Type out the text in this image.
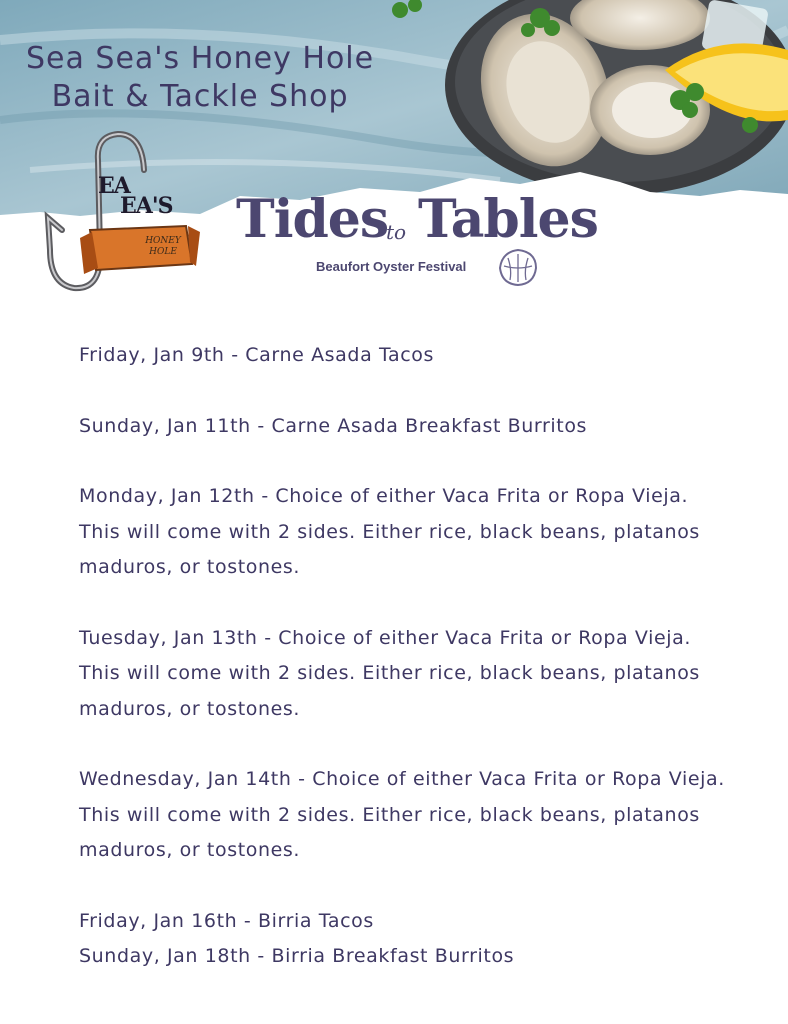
Sea Sea's Honey Hole
Bait & Tackle Shop
EA
EA'S
HONEY
HOLE
Tides
to Tables
Beaufort Oyster Festival
Friday, Jan 9th - Carne Asada Tacos
Sunday, Jan 11th - Carne Asada Breakfast Burritos
Monday, Jan 12th - Choice of either Vaca Frita or Ropa Vieja. This will come with 2 sides. Either rice, black beans, platanos maduros, or tostones.
Tuesday, Jan 13th - Choice of either Vaca Frita or Ropa Vieja. This will come with 2 sides. Either rice, black beans, platanos maduros, or tostones.
Wednesday, Jan 14th - Choice of either Vaca Frita or Ropa Vieja. This will come with 2 sides. Either rice, black beans, platanos maduros, or tostones.
Friday, Jan 16th - Birria Tacos
Sunday, Jan 18th - Birria Breakfast Burritos
